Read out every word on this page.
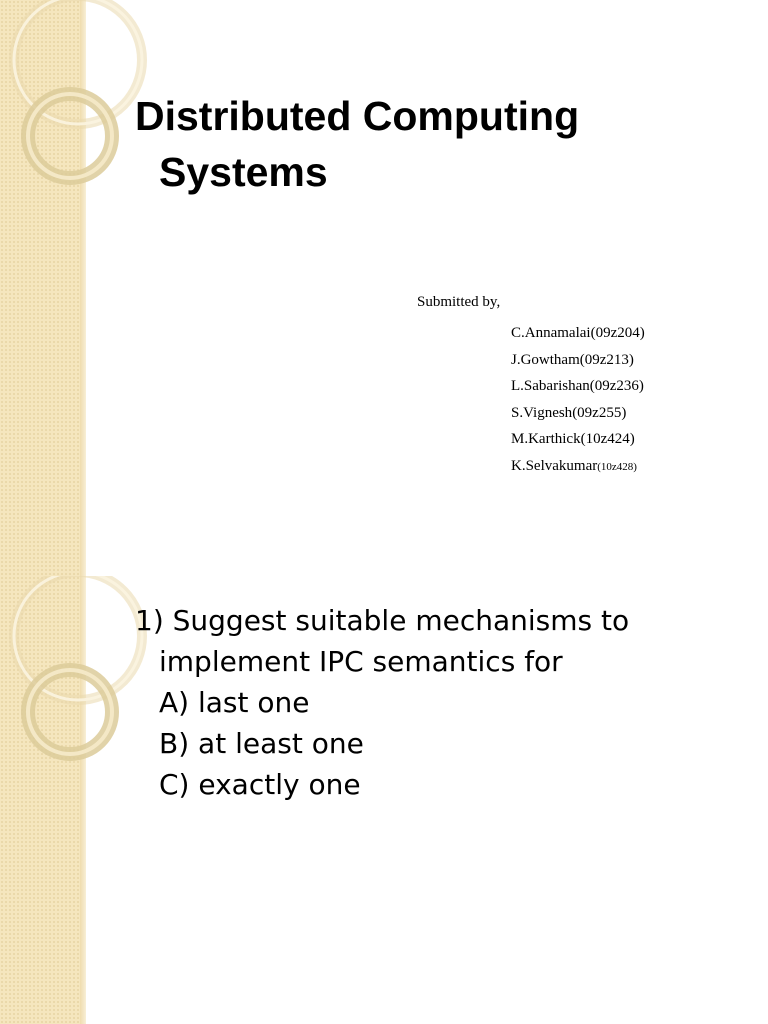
Distributed Computing
Systems
Submitted by,
C.Annamalai(09z204)
J.Gowtham(09z213)
L.Sabarishan(09z236)
S.Vignesh(09z255)
M.Karthick(10z424)
K.Selvakumar(10z428)
1) Suggest suitable mechanisms to
implement IPC semantics for
A) last one
B) at least one
C) exactly one
